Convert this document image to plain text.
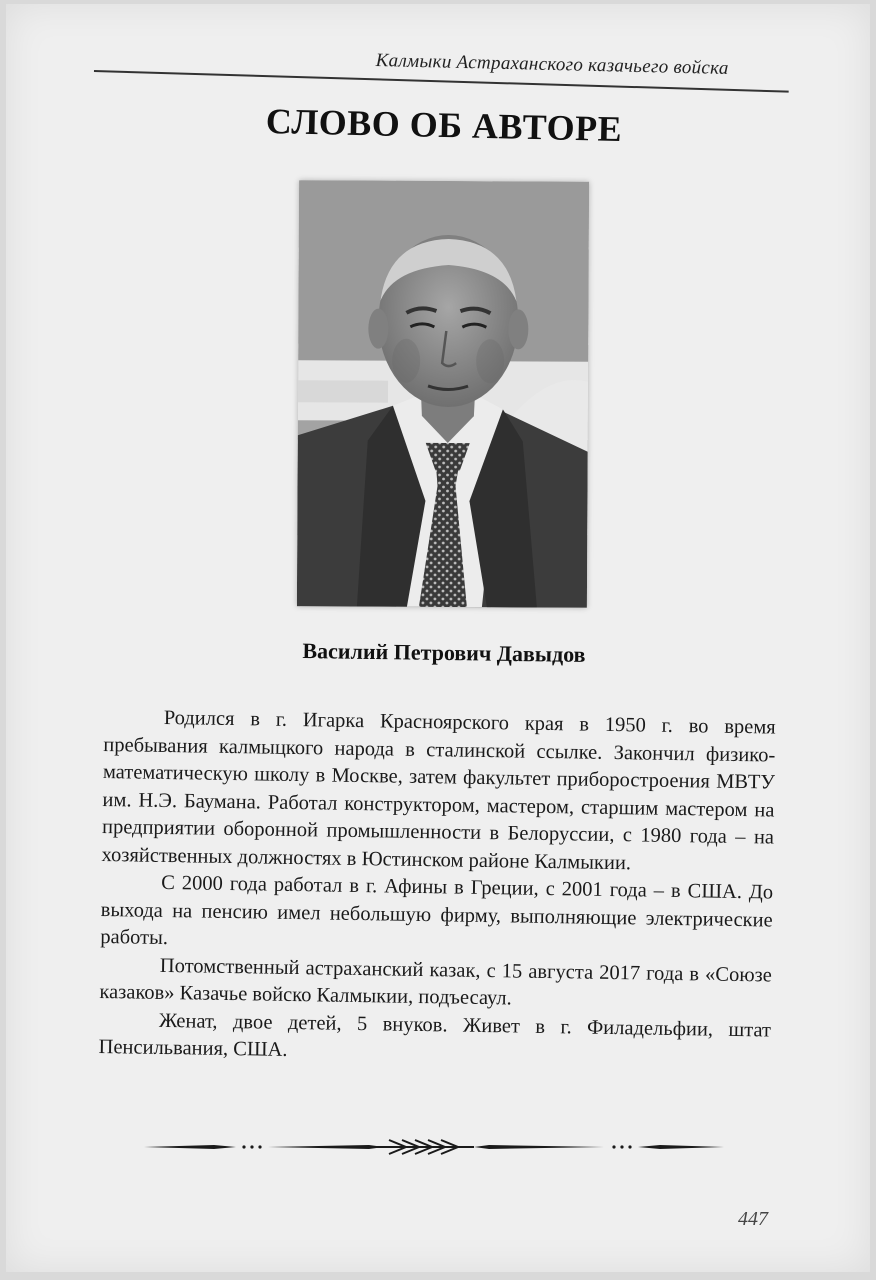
Калмыки Астраханского казачьего войска
СЛОВО ОБ АВТОРЕ
Василий Петрович Давыдов

Родился в г. Игарка Красноярского края в 1950 г. во время пребывания калмыцкого народа в сталинской ссылке. Закончил физико-математическую школу в Москве, затем факультет приборостроения МВТУ им. Н.Э. Баумана. Работал конструктором, мастером, старшим мастером на предприятии оборонной промышленности в Белоруссии, с 1980 года – на хозяйственных должностях в Юстинском районе Калмыкии.

С 2000 года работал в г. Афины в Греции, с 2001 года – в США. До выхода на пенсию имел небольшую фирму, выполняющие электрические работы.

Потомственный астраханский казак, с 15 августа 2017 года в «Союзе казаков» Казачье войско Калмыкии, подъесаул.

Женат, двое детей, 5 внуков. Живет в г. Филадельфии, штат Пенсильвания, США.

447
